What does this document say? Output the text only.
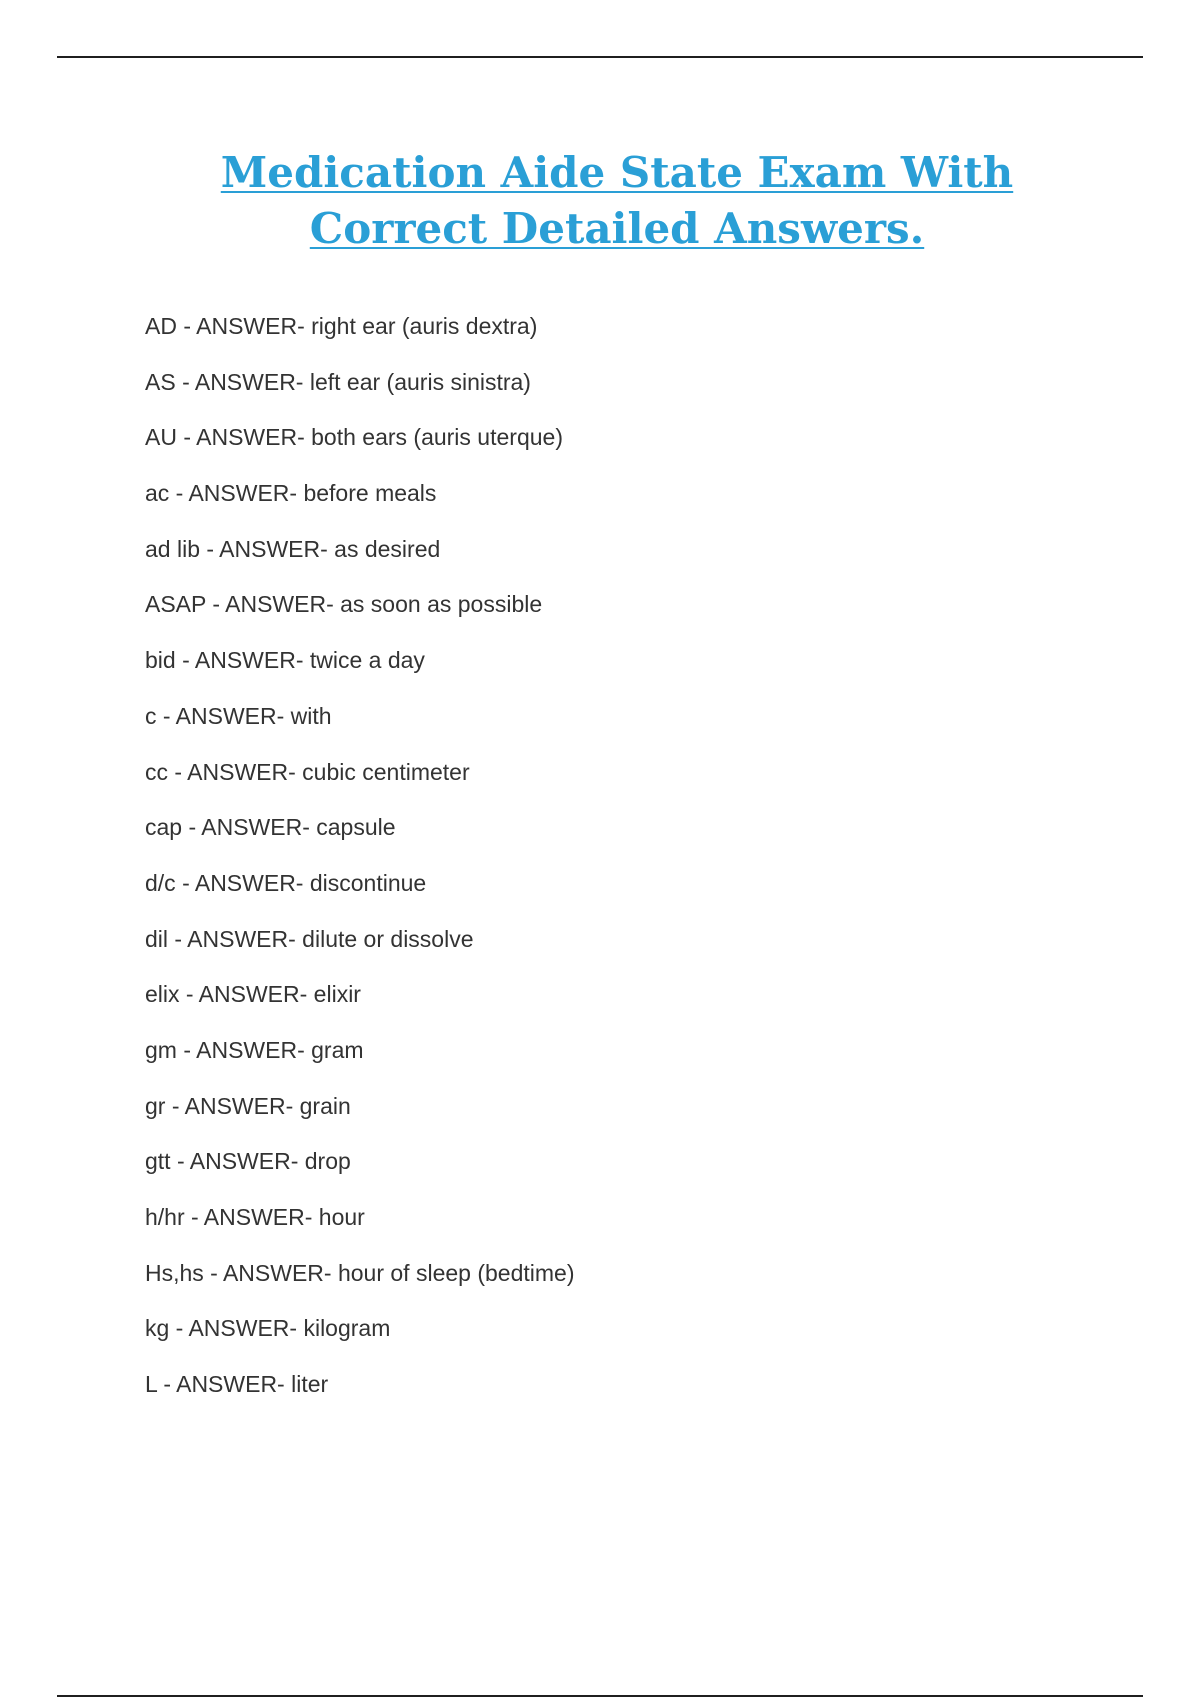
Medication Aide State Exam With Correct Detailed Answers.
AD - ANSWER- right ear (auris dextra)
AS - ANSWER- left ear (auris sinistra)
AU - ANSWER- both ears (auris uterque)
ac - ANSWER- before meals
ad lib - ANSWER- as desired
ASAP - ANSWER- as soon as possible
bid - ANSWER- twice a day
c - ANSWER- with
cc - ANSWER- cubic centimeter
cap - ANSWER- capsule
d/c - ANSWER- discontinue
dil - ANSWER- dilute or dissolve
elix - ANSWER- elixir
gm - ANSWER- gram
gr - ANSWER- grain
gtt - ANSWER- drop
h/hr - ANSWER- hour
Hs,hs - ANSWER- hour of sleep (bedtime)
kg - ANSWER- kilogram
L - ANSWER- liter
